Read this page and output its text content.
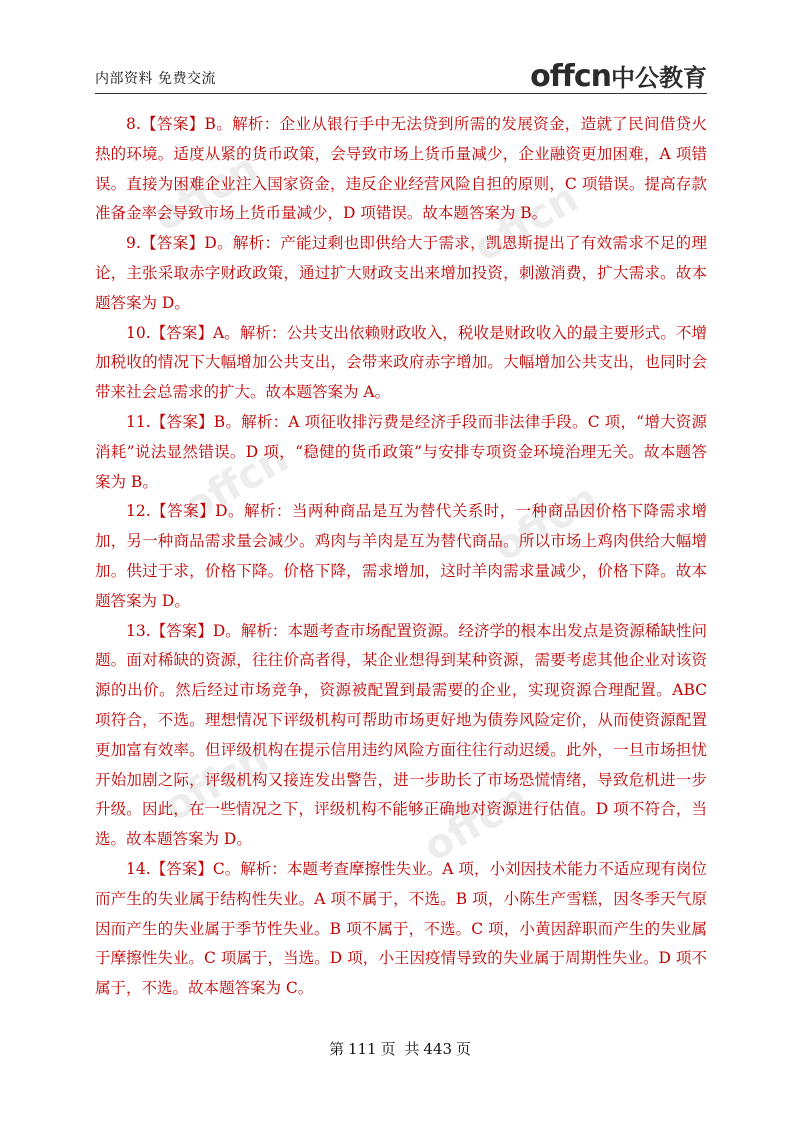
内部资料 免费交流	offcn 中公教育
offcn	offcn
offcn	offcn
offcn	offcn

8.【答案】B。解析：企业从银行手中无法贷到所需的发展资金，造就了民间借贷火热的环境。适度从紧的货币政策，会导致市场上货币量减少，企业融资更加困难，A 项错误。直接为困难企业注入国家资金，违反企业经营风险自担的原则，C 项错误。提高存款准备金率会导致市场上货币量减少，D 项错误。故本题答案为 B。

9.【答案】D。解析：产能过剩也即供给大于需求，凯恩斯提出了有效需求不足的理论，主张采取赤字财政政策，通过扩大财政支出来增加投资，刺激消费，扩大需求。故本题答案为 D。

10.【答案】A。解析：公共支出依赖财政收入，税收是财政收入的最主要形式。不增加税收的情况下大幅增加公共支出，会带来政府赤字增加。大幅增加公共支出，也同时会带来社会总需求的扩大。故本题答案为 A。

11.【答案】B。解析：A 项征收排污费是经济手段而非法律手段。C 项，“增大资源消耗”说法显然错误。D 项，“稳健的货币政策”与安排专项资金环境治理无关。故本题答案为 B。

12.【答案】D。解析：当两种商品是互为替代关系时，一种商品因价格下降需求增加，另一种商品需求量会减少。鸡肉与羊肉是互为替代商品。所以市场上鸡肉供给大幅增加。供过于求，价格下降。价格下降，需求增加，这时羊肉需求量减少，价格下降。故本题答案为 D。

13.【答案】D。解析：本题考查市场配置资源。经济学的根本出发点是资源稀缺性问题。面对稀缺的资源，往往价高者得，某企业想得到某种资源，需要考虑其他企业对该资源的出价。然后经过市场竞争，资源被配置到最需要的企业，实现资源合理配置。ABC 项符合，不选。理想情况下评级机构可帮助市场更好地为债券风险定价，从而使资源配置更加富有效率。但评级机构在提示信用违约风险方面往往行动迟缓。此外，一旦市场担忧开始加剧之际，评级机构又接连发出警告，进一步助长了市场恐慌情绪，导致危机进一步升级。因此，在一些情况之下，评级机构不能够正确地对资源进行估值。D 项不符合，当选。故本题答案为 D。

14.【答案】C。解析：本题考查摩擦性失业。A 项，小刘因技术能力不适应现有岗位而产生的失业属于结构性失业。A 项不属于，不选。B 项，小陈生产雪糕，因冬季天气原因而产生的失业属于季节性失业。B 项不属于，不选。C 项，小黄因辞职而产生的失业属于摩擦性失业。C 项属于，当选。D 项，小王因疫情导致的失业属于周期性失业。D 项不属于，不选。故本题答案为 C。

第 111 页 共 443 页
